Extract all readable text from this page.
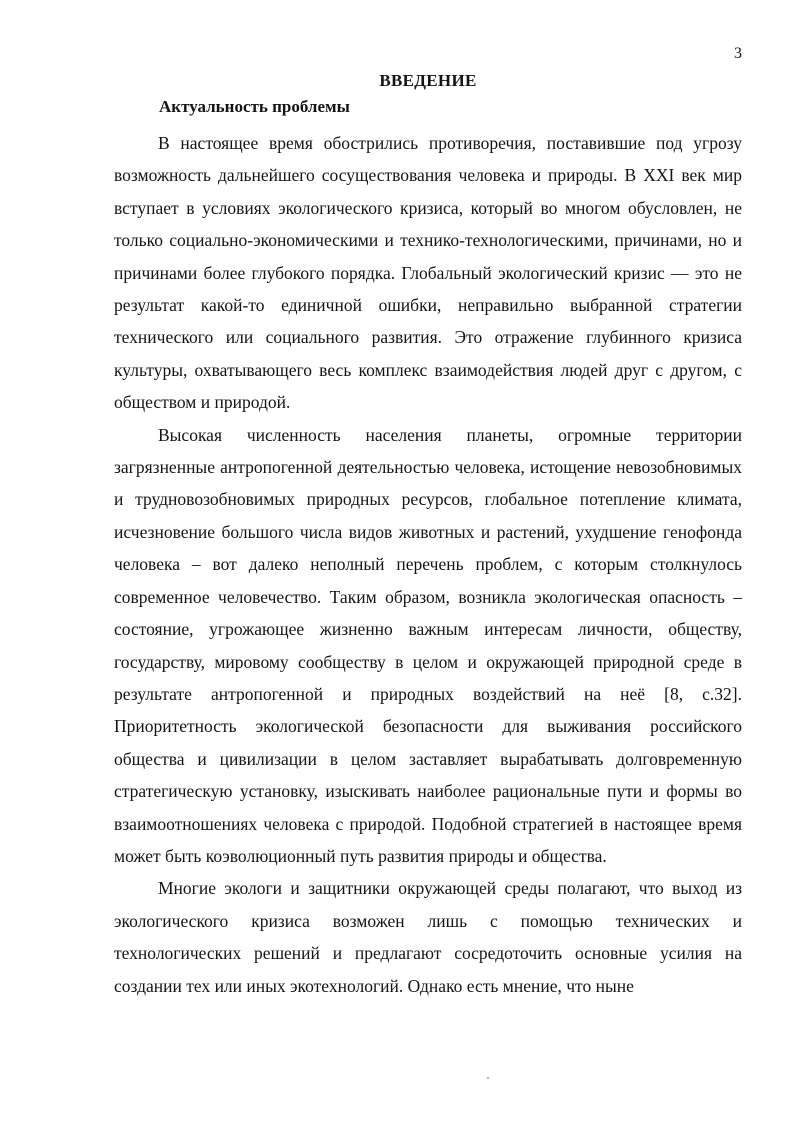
3
ВВЕДЕНИЕ
Актуальность проблемы

В настоящее время обострились противоречия, поставившие под угрозу возможность дальнейшего сосуществования человека и природы. В XXI век мир вступает в условиях экологического кризиса, который во многом обусловлен, не только социально-экономическими и технико-технологическими, причинами, но и причинами более глубокого порядка. Глобальный экологический кризис — это не результат какой-то единичной ошибки, неправильно выбранной стратегии технического или социального развития. Это отражение глубинного кризиса культуры, охватывающего весь комплекс взаимодействия людей друг с другом, с обществом и природой.

Высокая численность населения планеты, огромные территории загрязненные антропогенной деятельностью человека, истощение невозобновимых и трудновозобновимых природных ресурсов, глобальное потепление климата, исчезновение большого числа видов животных и растений, ухудшение генофонда человека – вот далеко неполный перечень проблем, с которым столкнулось современное человечество. Таким образом, возникла экологическая опасность – состояние, угрожающее жизненно важным интересам личности, обществу, государству, мировому сообществу в целом и окружающей природной среде в результате антропогенной и природных воздействий на неё [8, с.32]. Приоритетность экологической безопасности для выживания российского общества и цивилизации в целом заставляет вырабатывать долговременную стратегическую установку, изыскивать наиболее рациональные пути и формы во взаимоотношениях человека с природой. Подобной стратегией в настоящее время может быть коэволюционный путь развития природы и общества.

Многие экологи и защитники окружающей среды полагают, что выход из экологического кризиса возможен лишь с помощью технических и технологических решений и предлагают сосредоточить основные усилия на создании тех или иных экотехнологий. Однако есть мнение, что ныне
